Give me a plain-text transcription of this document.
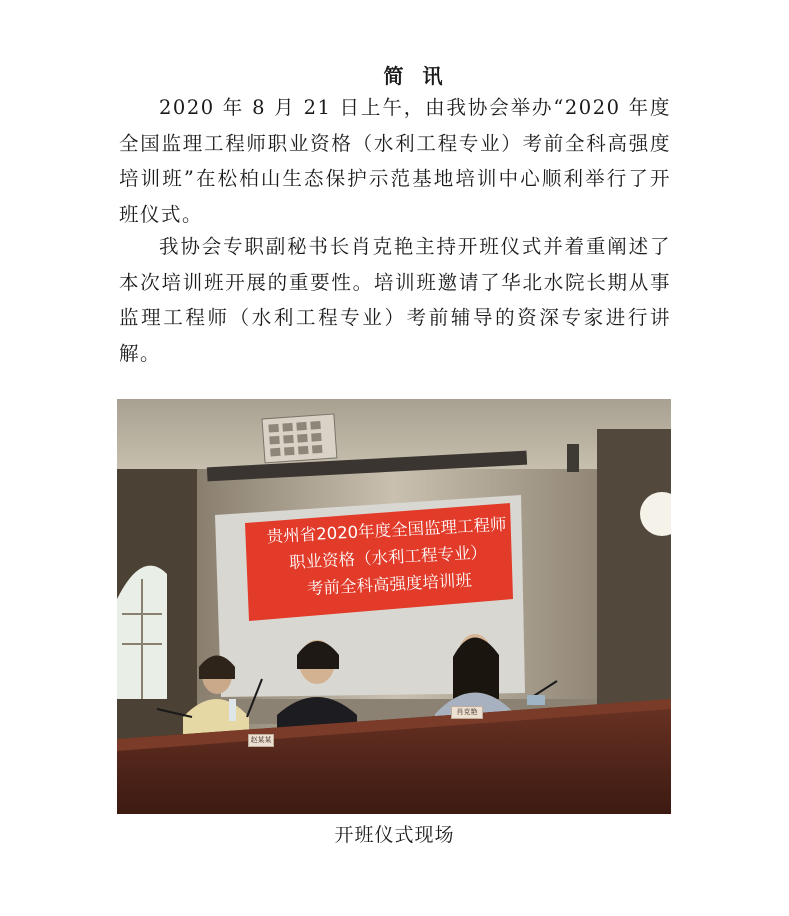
简 讯

2020 年 8 月 21 日上午，由我协会举办“2020 年度全国监理工程师职业资格（水利工程专业）考前全科高强度培训班”在松柏山生态保护示范基地培训中心顺利举行了开班仪式。

我协会专职副秘书长肖克艳主持开班仪式并着重阐述了本次培训班开展的重要性。培训班邀请了华北水院长期从事监理工程师（水利工程专业）考前辅导的资深专家进行讲解。

贵州省2020年度全国监理工程师
职业资格（水利工程专业）
考前全科高强度培训班
赵某某
肖克艳
开班仪式现场
